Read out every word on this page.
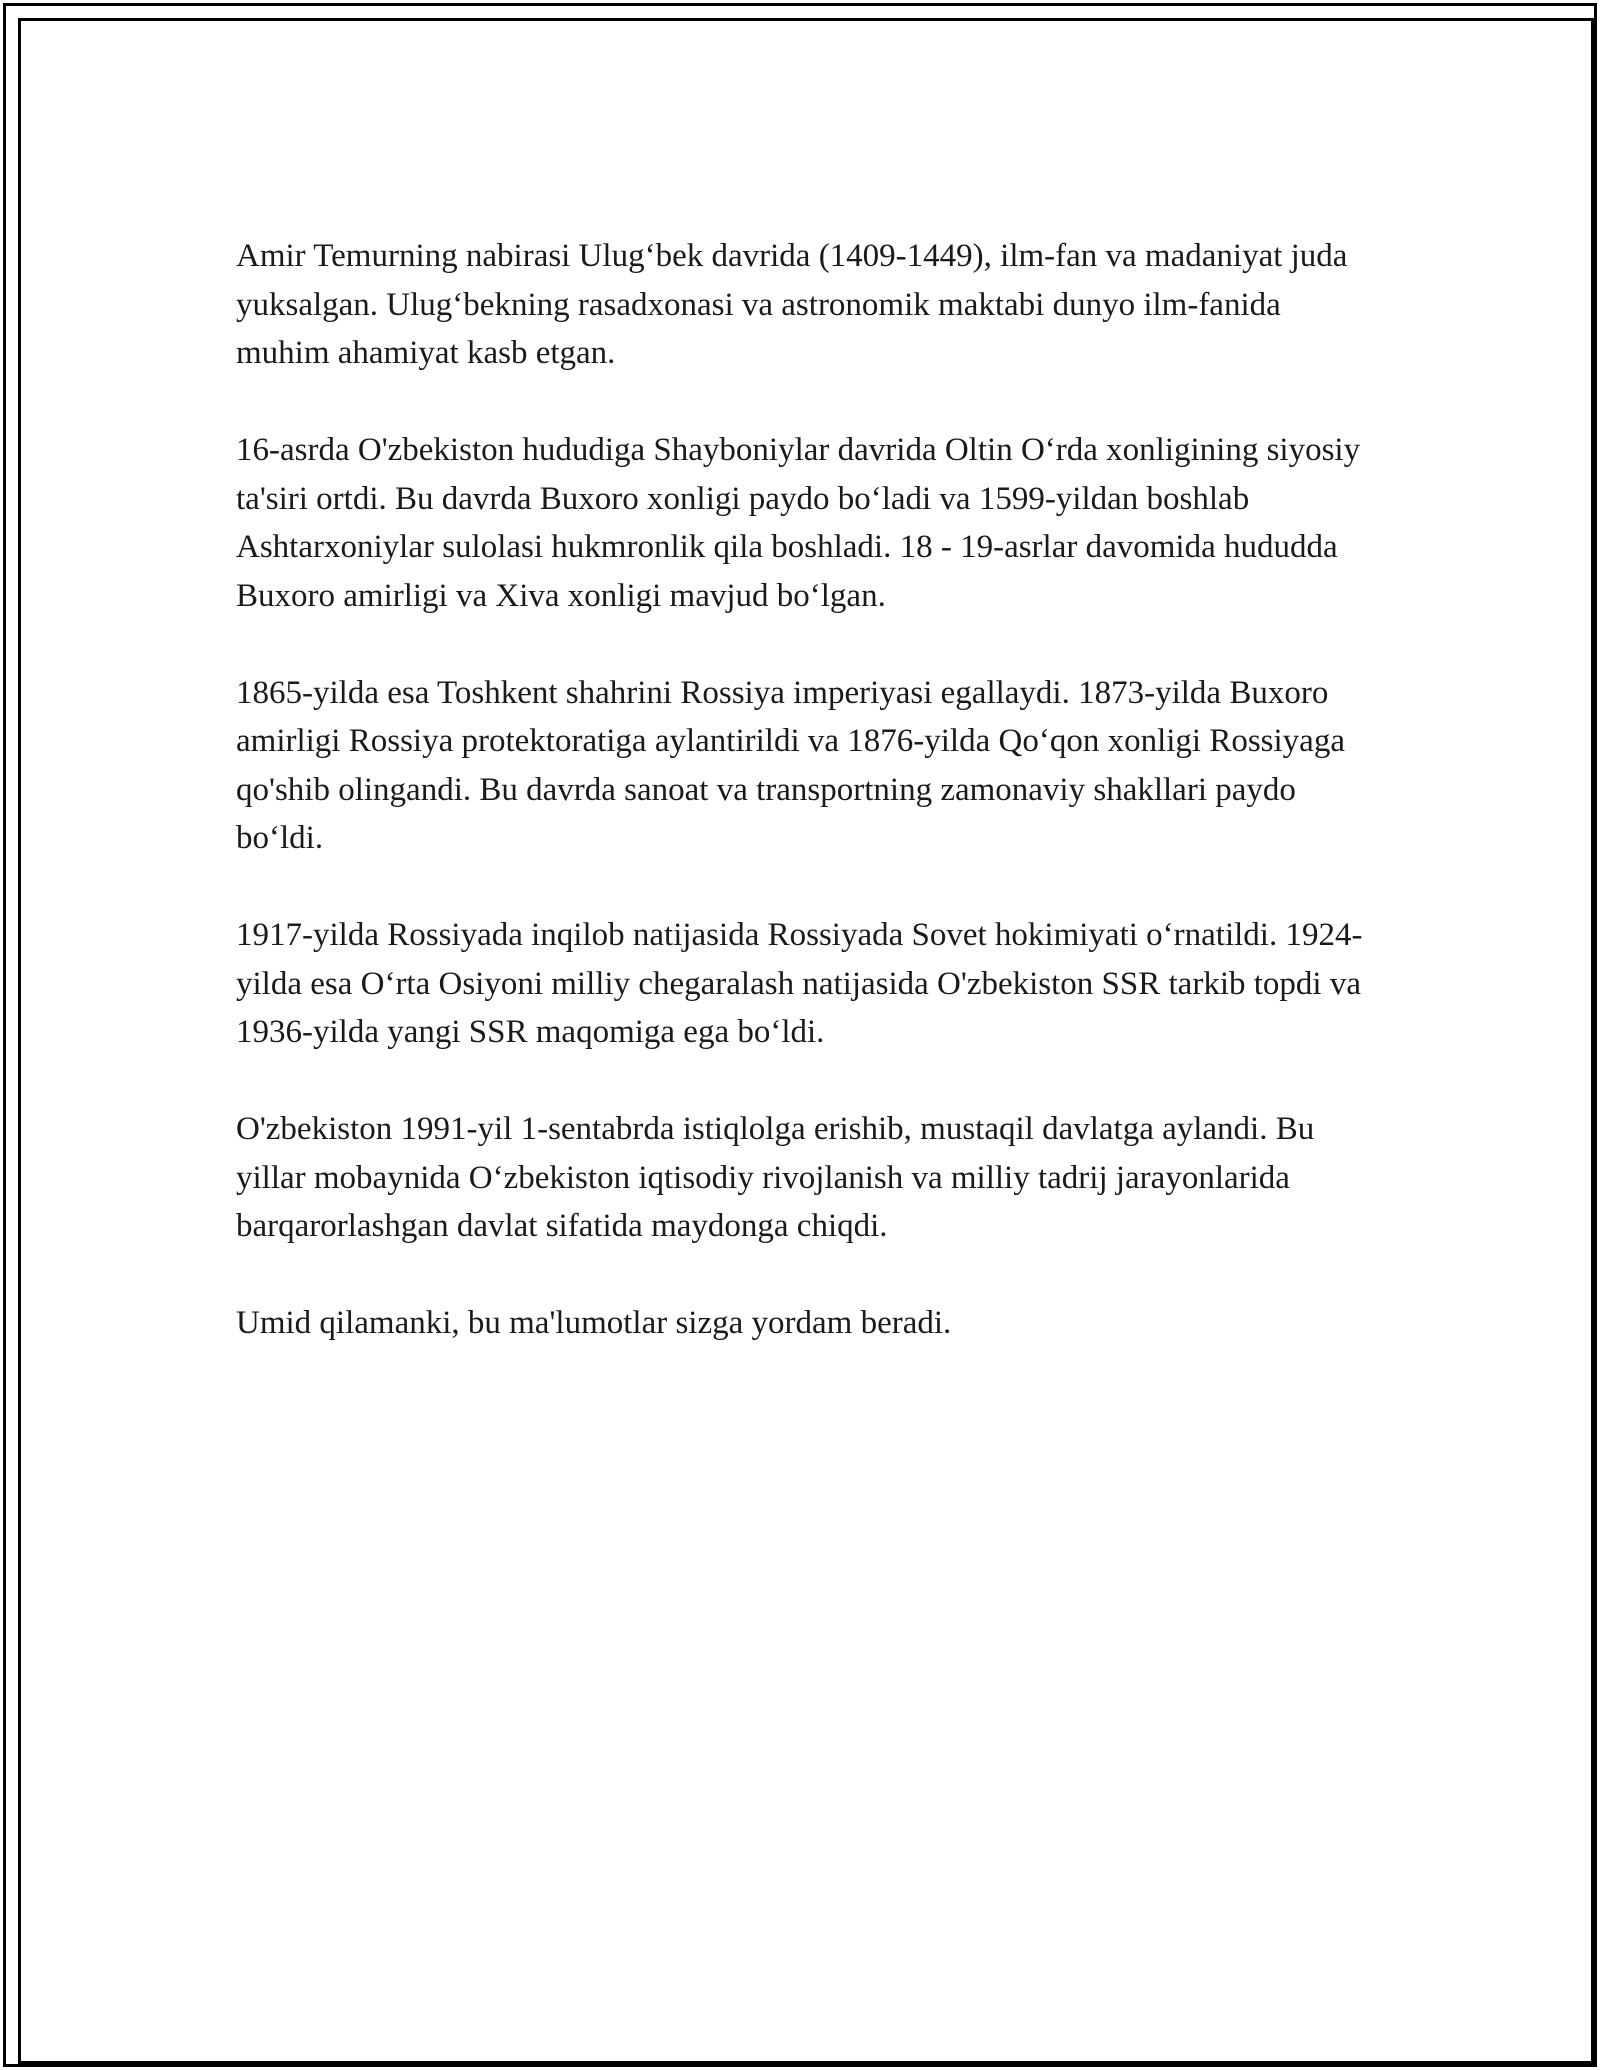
Amir Temurning nabirasi Ulug‘bek davrida (1409-1449), ilm-fan va madaniyat juda yuksalgan. Ulug‘bekning rasadxonasi va astronomik maktabi dunyo ilm-fanida muhim ahamiyat kasb etgan.

16-asrda O'zbekiston hududiga Shayboniylar davrida Oltin O‘rda xonligining siyosiy ta'siri ortdi. Bu davrda Buxoro xonligi paydo bo‘ladi va 1599-yildan boshlab Ashtarxoniylar sulolasi hukmronlik qila boshladi. 18 - 19-asrlar davomida hududda Buxoro amirligi va Xiva xonligi mavjud bo‘lgan.

1865-yilda esa Toshkent shahrini Rossiya imperiyasi egallaydi. 1873-yilda Buxoro amirligi Rossiya protektoratiga aylantirildi va 1876-yilda Qo‘qon xonligi Rossiyaga qo'shib olingandi. Bu davrda sanoat va transportning zamonaviy shakllari paydo bo‘ldi.

1917-yilda Rossiyada inqilob natijasida Rossiyada Sovet hokimiyati o‘rnatildi. 1924-yilda esa O‘rta Osiyoni milliy chegaralash natijasida O'zbekiston SSR tarkib topdi va 1936-yilda yangi SSR maqomiga ega bo‘ldi.

O'zbekiston 1991-yil 1-sentabrda istiqlolga erishib, mustaqil davlatga aylandi. Bu yillar mobaynida O‘zbekiston iqtisodiy rivojlanish va milliy tadrij jarayonlarida barqarorlashgan davlat sifatida maydonga chiqdi.

Umid qilamanki, bu ma'lumotlar sizga yordam beradi.
